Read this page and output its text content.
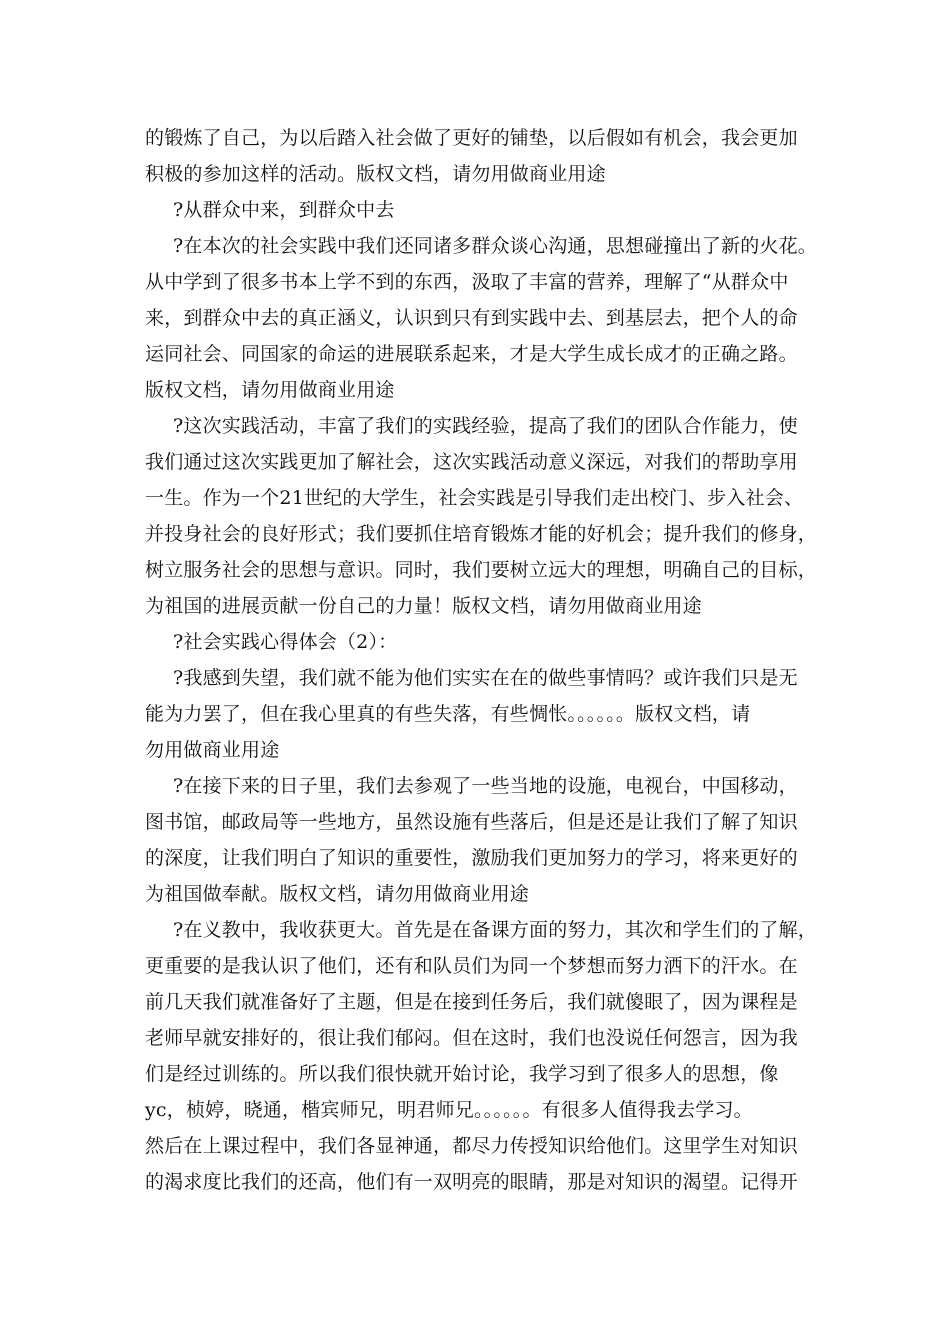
的锻炼了自己，为以后踏入社会做了更好的铺垫，以后假如有机会，我会更加
积极的参加这样的活动。版权文档，请勿用做商业用途
?从群众中来，到群众中去
?在本次的社会实践中我们还同诸多群众谈心沟通，思想碰撞出了新的火花。
从中学到了很多书本上学不到的东西，汲取了丰富的营养，理解了“从群众中
来，到群众中去的真正涵义，认识到只有到实践中去、到基层去，把个人的命
运同社会、同国家的命运的进展联系起来，才是大学生成长成才的正确之路。
版权文档，请勿用做商业用途
?这次实践活动，丰富了我们的实践经验，提高了我们的团队合作能力，使
我们通过这次实践更加了解社会，这次实践活动意义深远，对我们的帮助享用
一生。作为一个21世纪的大学生，社会实践是引导我们走出校门、步入社会、
并投身社会的良好形式；我们要抓住培育锻炼才能的好机会；提升我们的修身，
树立服务社会的思想与意识。同时，我们要树立远大的理想，明确自己的目标，
为祖国的进展贡献一份自己的力量！版权文档，请勿用做商业用途
?社会实践心得体会（2）：
?我感到失望，我们就不能为他们实实在在的做些事情吗？或许我们只是无
能为力罢了，但在我心里真的有些失落，有些惆怅。。。。。。版权文档，请
勿用做商业用途
?在接下来的日子里，我们去参观了一些当地的设施，电视台，中国移动，
图书馆，邮政局等一些地方，虽然设施有些落后，但是还是让我们了解了知识
的深度，让我们明白了知识的重要性，激励我们更加努力的学习，将来更好的
为祖国做奉献。版权文档，请勿用做商业用途
?在义教中，我收获更大。首先是在备课方面的努力，其次和学生们的了解，
更重要的是我认识了他们，还有和队员们为同一个梦想而努力洒下的汗水。在
前几天我们就准备好了主题，但是在接到任务后，我们就傻眼了，因为课程是
老师早就安排好的，很让我们郁闷。但在这时，我们也没说任何怨言，因为我
们是经过训练的。所以我们很快就开始讨论，我学习到了很多人的思想，像
yc，桢婷，晓通，楷宾师兄，明君师兄。。。。。。有很多人值得我去学习。
然后在上课过程中，我们各显神通，都尽力传授知识给他们。这里学生对知识
的渴求度比我们的还高，他们有一双明亮的眼睛，那是对知识的渴望。记得开
